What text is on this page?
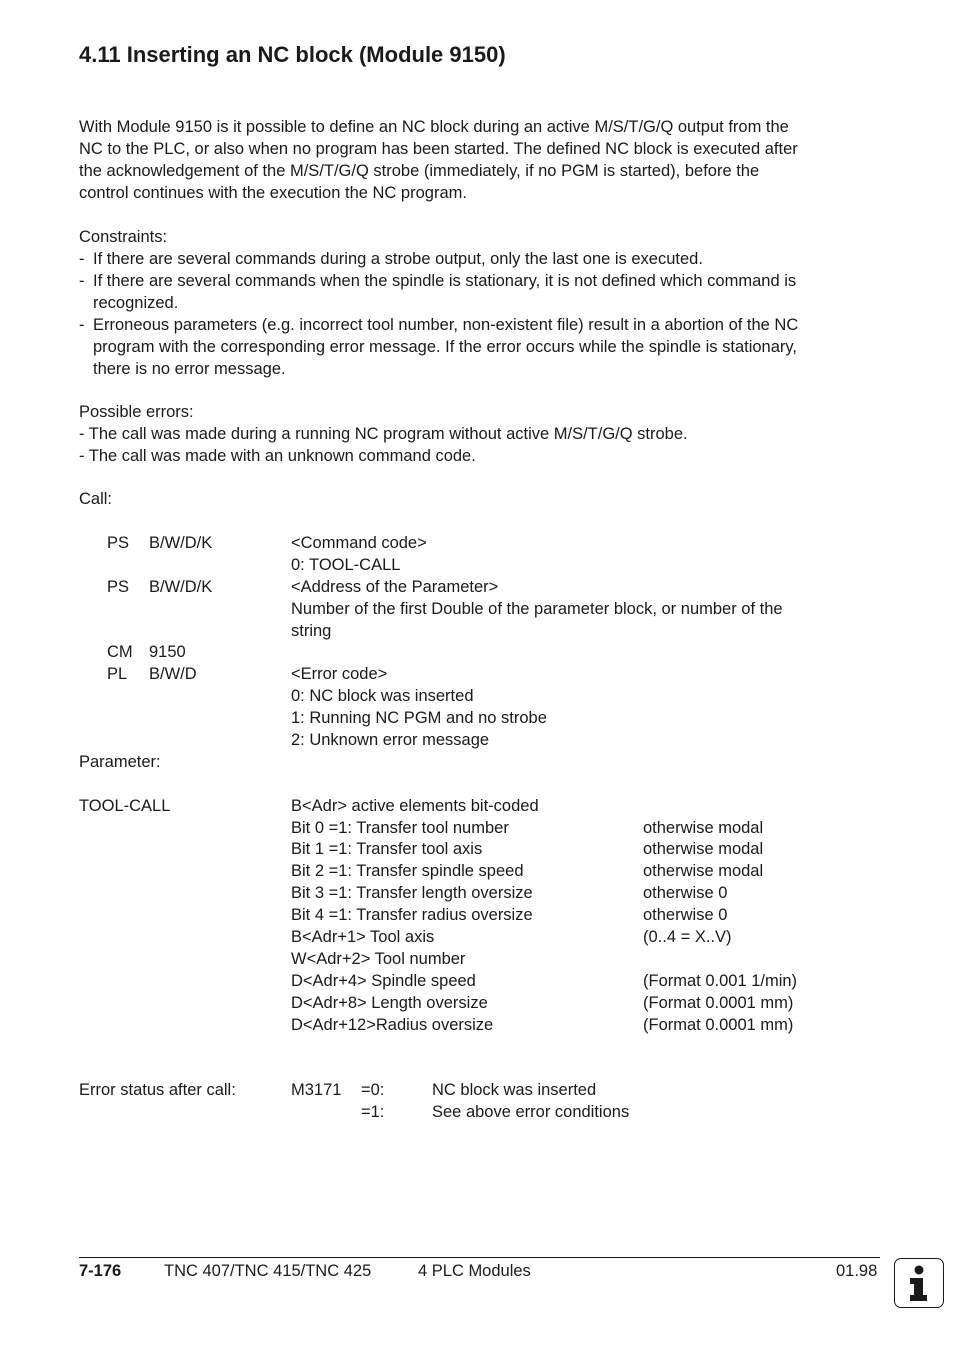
4.11 Inserting an NC block (Module 9150)
With Module 9150 is it possible to define an NC block during an active M/S/T/G/Q output from the
NC to the PLC, or also when no program has been started. The defined NC block is executed after
the acknowledgement of the M/S/T/G/Q strobe (immediately, if no PGM is started), before the
control continues with the execution the NC program.
Constraints:
- If there are several commands during a strobe output, only the last one is executed.
- If there are several commands when the spindle is stationary, it is not defined which command is
recognized.
- Erroneous parameters (e.g. incorrect tool number, non-existent file) result in a abortion of the NC
program with the corresponding error message. If the error occurs while the spindle is stationary,
there is no error message.
Possible errors:
- The call was made during a running NC program without active M/S/T/G/Q strobe.
- The call was made with an unknown command code.
Call:
PS B/W/D/K	<Command code>
0: TOOL-CALL
PS B/W/D/K	<Address of the Parameter>
Number of the first Double of the parameter block, or number of the
string
CM 9150
PL B/W/D	<Error code>
0: NC block was inserted
1: Running NC PGM and no strobe
2: Unknown error message
Parameter:
TOOL-CALL	B<Adr> active elements bit-coded
Bit 0 =1: Transfer tool number	otherwise modal
Bit 1 =1: Transfer tool axis	otherwise modal
Bit 2 =1: Transfer spindle speed	otherwise modal
Bit 3 =1: Transfer length oversize	otherwise 0
Bit 4 =1: Transfer radius oversize	otherwise 0
B<Adr+1> Tool axis	(0..4 = X..V)
W<Adr+2> Tool number
D<Adr+4> Spindle speed	(Format 0.001 1/min)
D<Adr+8> Length oversize	(Format 0.0001 mm)
D<Adr+12>Radius oversize	(Format 0.0001 mm)
Error status after call:	M3171 =0:	NC block was inserted
=1:	See above error conditions
7-176	TNC 407/TNC 415/TNC 425	4 PLC Modules	01.98
